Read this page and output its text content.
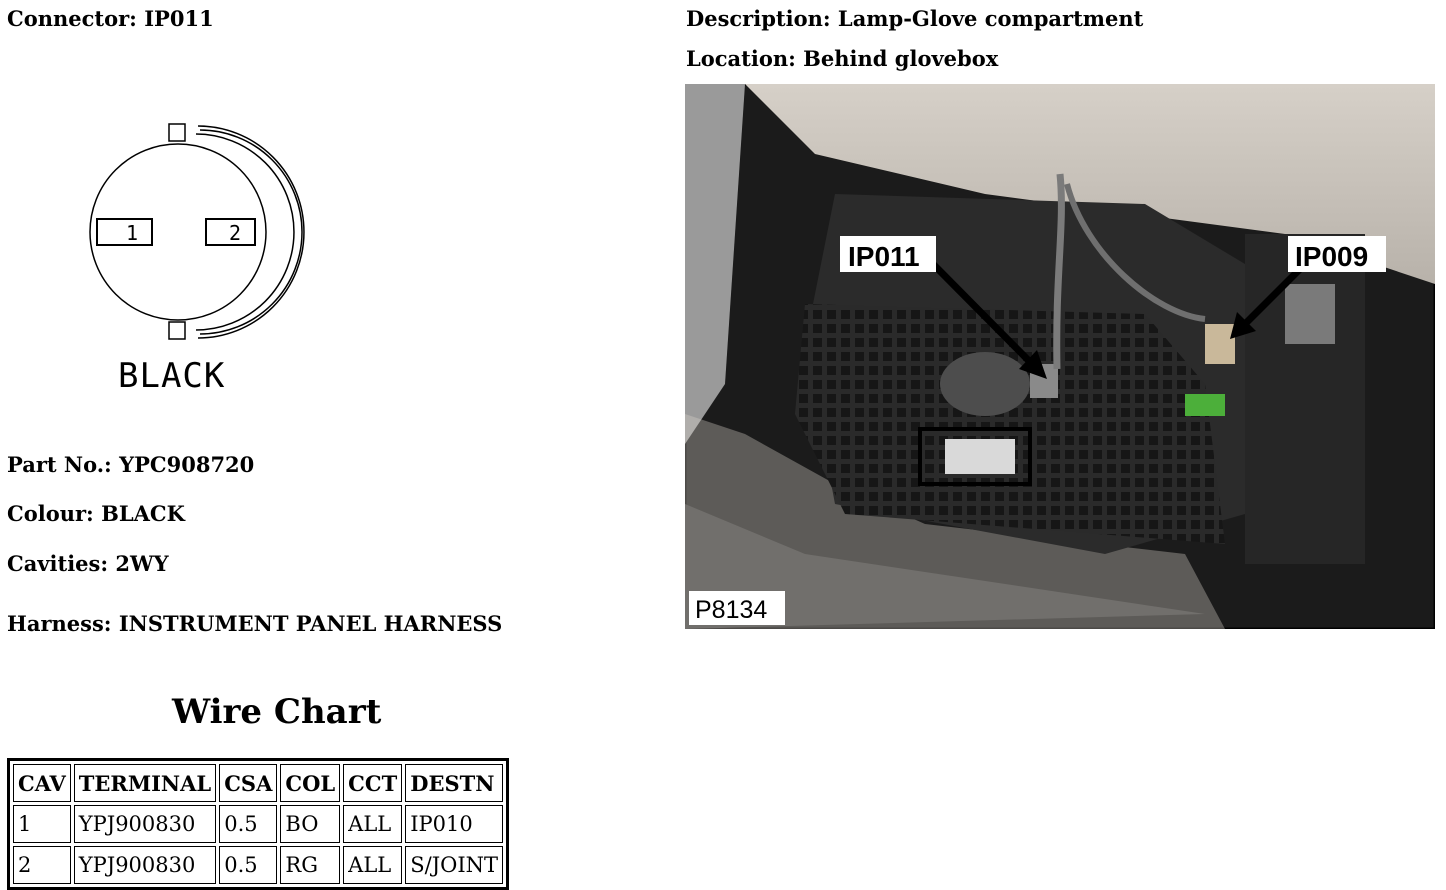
Connector: IP011	Description: Lamp-Glove compartment
Location: Behind glovebox
1	2
BLACK
Part No.: YPC908720
Colour: BLACK
Cavities: 2WY
Harness: INSTRUMENT PANEL HARNESS
Wire Chart
CAV	TERMINAL	CSA	COL	CCT	DESTN
1	YPJ900830	0.5	BO	ALL	IP010
2	YPJ900830	0.5	RG	ALL	S/JOINT
IP011	IP009
P8134
